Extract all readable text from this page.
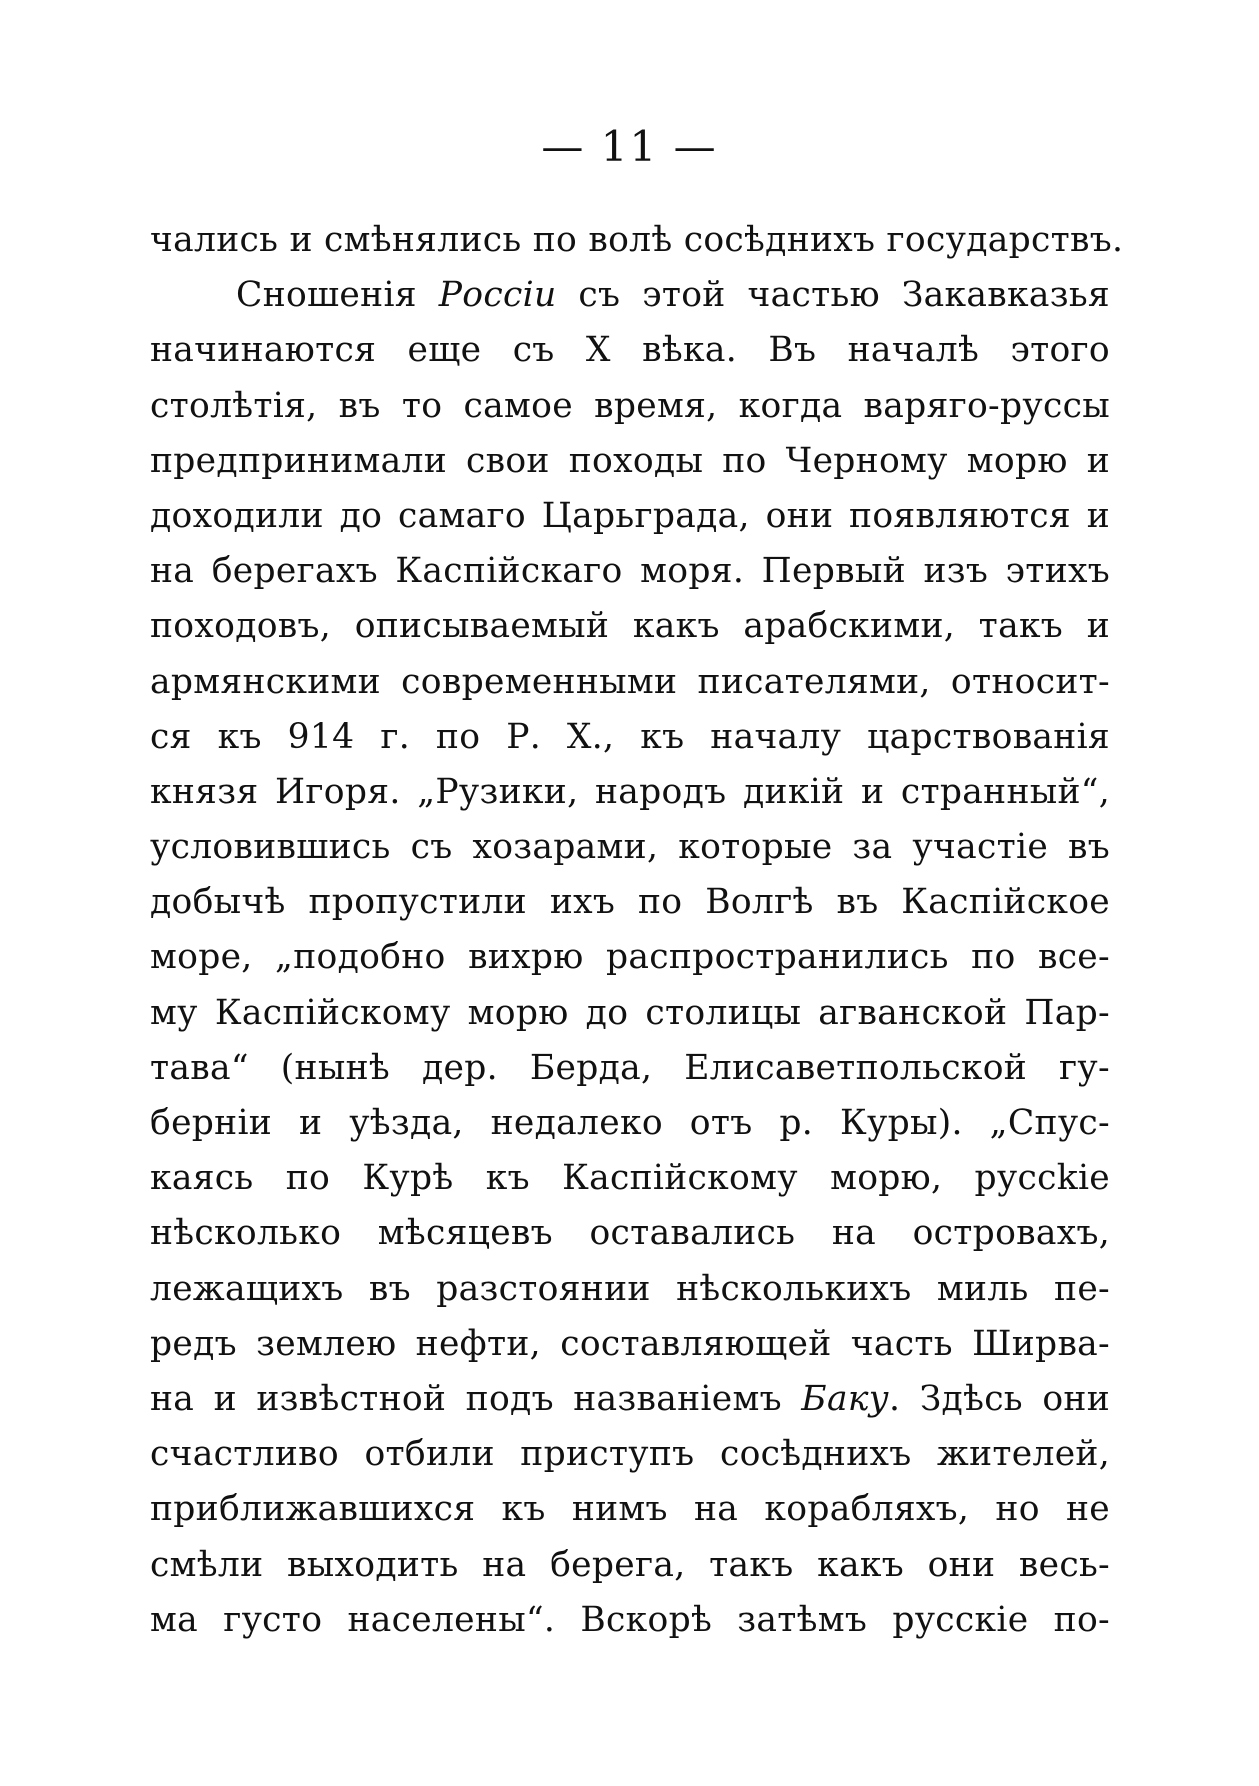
— 11 —
чались и смѣнялись по волѣ сосѣднихъ государствъ.
Сношенія Россіи съ этой частью Закавказья
начинаются еще съ X вѣка. Въ началѣ этого
столѣтія, въ то самое время, когда варяго-руссы
предпринимали свои походы по Черному морю и
доходили до самаго Царьграда, они появляются и
на берегахъ Каспійскаго моря. Первый изъ этихъ
походовъ, описываемый какъ арабскими, такъ и
армянскими современными писателями, относит-
ся къ 914 г. по Р. X., къ началу царствованія
князя Игоря. „Рузики, народъ дикій и странный“,
условившись съ хозарами, которые за участіе въ
добычѣ пропустили ихъ по Волгѣ въ Каспійское
море, „подобно вихрю распространились по все-
му Каспійскому морю до столицы агванской Пар-
тава“ (нынѣ дер. Берда, Елисаветпольской гу-
берніи и уѣзда, недалеко отъ р. Куры). „Спус-
каясь по Курѣ къ Каспійскому морю, руссkie
нѣсколько мѣсяцевъ оставались на островахъ,
лежащихъ въ разстоянии нѣсколькихъ миль пе-
редъ землею нефти, составляющей часть Ширва-
на и извѣстной подъ названіемъ Баку. Здѣсь они
счастливо отбили приступъ сосѣднихъ жителей,
приближавшихся къ нимъ на корабляхъ, но не
смѣли выходить на берега, такъ какъ они весь-
ма густо населены“. Вскорѣ затѣмъ русскіе по-
